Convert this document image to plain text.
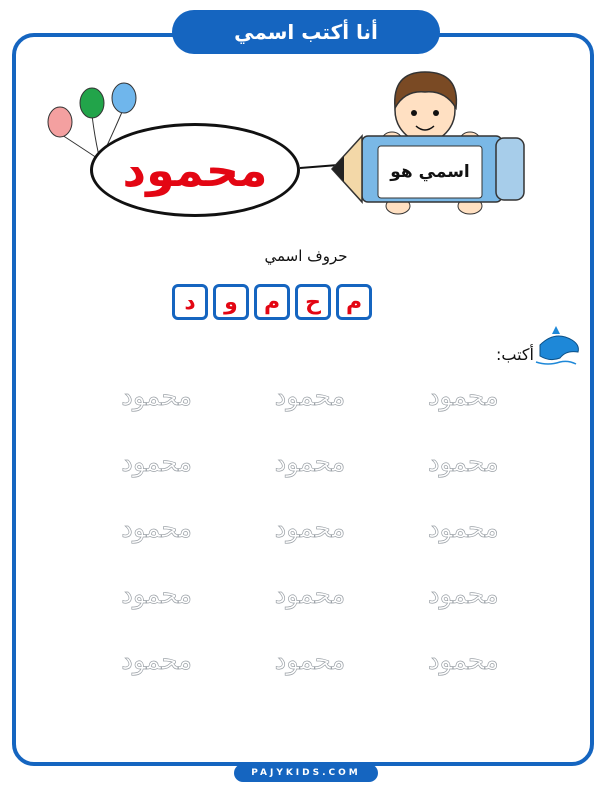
أنا أكتب اسمي
محمود	اسمي هو
حروف اسمي
م
ح
م
و
د
أكتب:
محمود	محمود	محمود
محمود	محمود	محمود
محمود	محمود	محمود
محمود	محمود	محمود
محمود	محمود	محمود
PAJYKIDS.COM
